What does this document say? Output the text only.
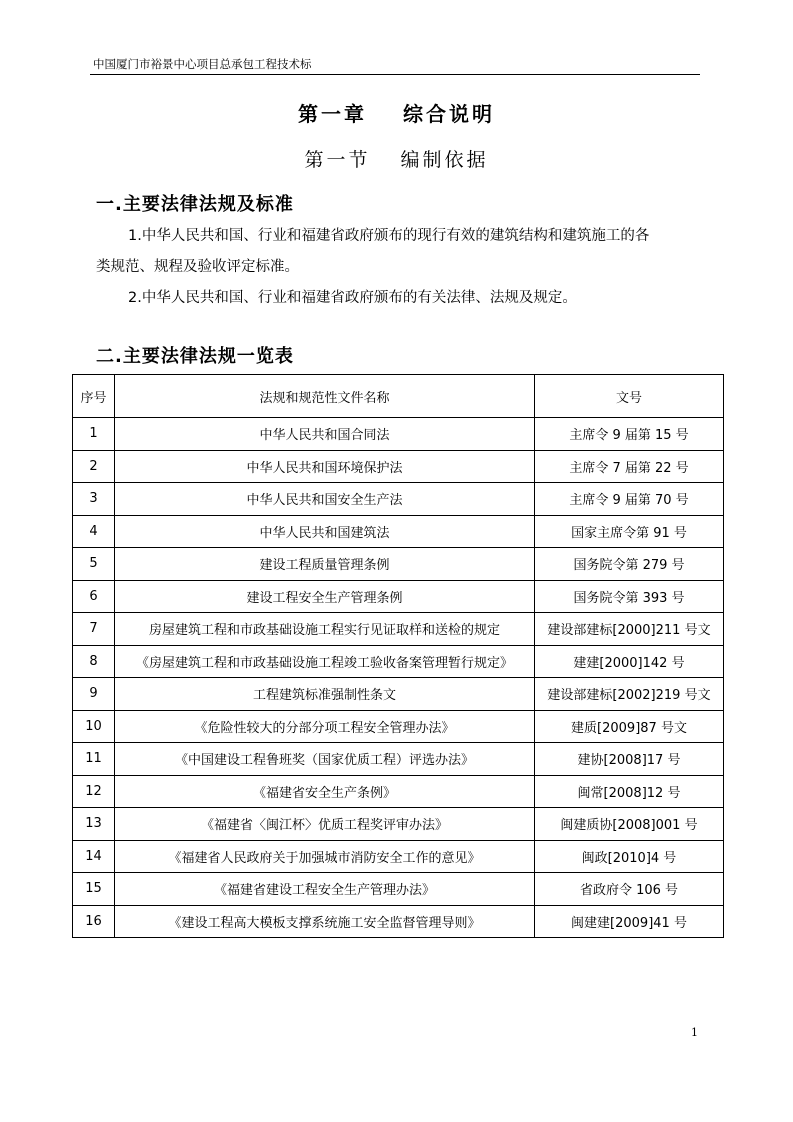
中国厦门市裕景中心项目总承包工程技术标
第一章 综合说明
第一节 编制依据
一.主要法律法规及标准
1.中华人民共和国、行业和福建省政府颁布的现行有效的建筑结构和建筑施工的各
类规范、规程及验收评定标准。
2.中华人民共和国、行业和福建省政府颁布的有关法律、法规及规定。
二.主要法律法规一览表
序号	法规和规范性文件名称	文号
1	中华人民共和国合同法	主席令 9 届第 15 号
2	中华人民共和国环境保护法	主席令 7 届第 22 号
3	中华人民共和国安全生产法	主席令 9 届第 70 号
4	中华人民共和国建筑法	国家主席令第 91 号
5	建设工程质量管理条例	国务院令第 279 号
6	建设工程安全生产管理条例	国务院令第 393 号
7	房屋建筑工程和市政基础设施工程实行见证取样和送检的规定	建设部建标[2000]211 号文
8	《房屋建筑工程和市政基础设施工程竣工验收备案管理暂行规定》	建建[2000]142 号
9	工程建筑标准强制性条文	建设部建标[2002]219 号文
10	《危险性较大的分部分项工程安全管理办法》	建质[2009]87 号文
11	《中国建设工程鲁班奖（国家优质工程）评选办法》	建协[2008]17 号
12	《福建省安全生产条例》	闽常[2008]12 号
13	《福建省〈闽江杯〉优质工程奖评审办法》	闽建质协[2008]001 号
14	《福建省人民政府关于加强城市消防安全工作的意见》	闽政[2010]4 号
15	《福建省建设工程安全生产管理办法》	省政府令 106 号
16	《建设工程高大模板支撑系统施工安全监督管理导则》	闽建建[2009]41 号
1
